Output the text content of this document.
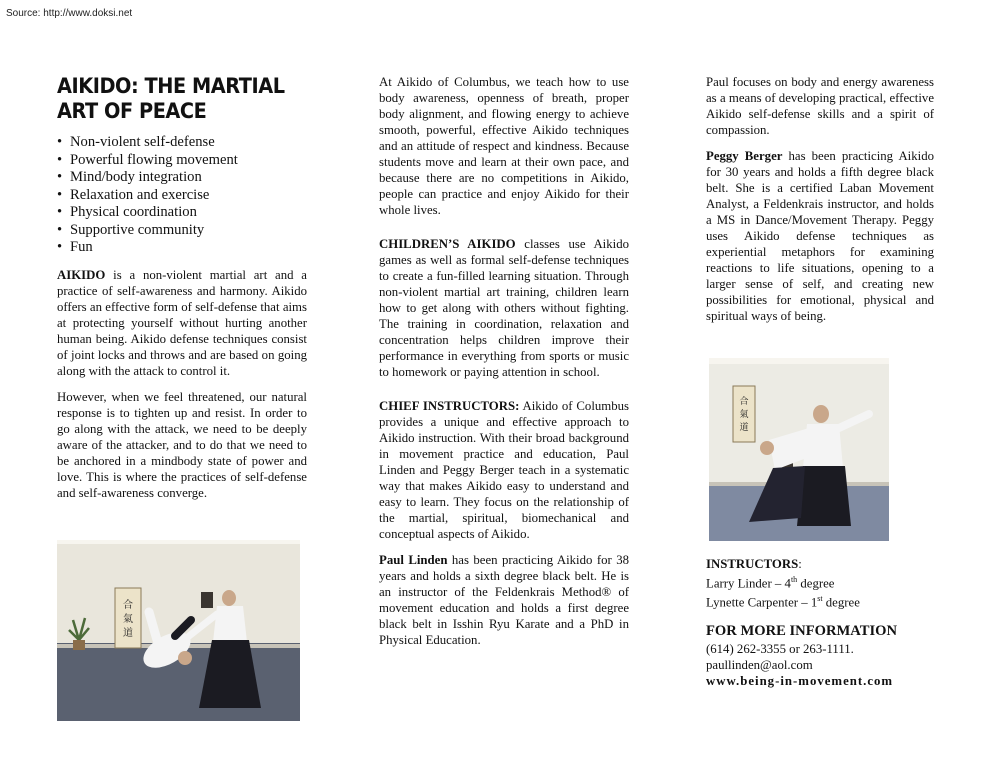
Source: http://www.doksi.net
AIKIDO: THE MARTIAL ART OF PEACE
• Non-violent self-defense
• Powerful flowing movement
• Mind/body integration
• Relaxation and exercise
• Physical coordination
• Supportive community
• Fun

AIKIDO is a non-violent martial art and a practice of self-awareness and harmony. Aikido offers an effective form of self-defense that aims at protecting yourself without hurting another human being. Aikido defense techniques consist of joint locks and throws and are based on going along with the attack to control it.

However, when we feel threatened, our natural response is to tighten up and resist. In order to go along with the attack, we need to be deeply aware of the attacker, and to do that we need to be anchored in a mindbody state of power and love. This is where the practices of self-defense and self-awareness converge.

合
氣
道

At Aikido of Columbus, we teach how to use body awareness, openness of breath, proper body alignment, and flowing energy to achieve smooth, powerful, effective Aikido techniques and an attitude of respect and kindness. Because students move and learn at their own pace, and because there are no competitions in Aikido, people can practice and enjoy Aikido for their whole lives.

CHILDREN’S AIKIDO classes use Aikido games as well as formal self-defense techniques to create a fun-filled learning situation. Through non-violent martial art training, children learn how to get along with others without fighting. The training in coordination, relaxation and concentration helps children improve their performance in everything from sports or music to homework or paying attention in school.

CHIEF INSTRUCTORS: Aikido of Columbus provides a unique and effective approach to Aikido instruction. With their broad background in movement practice and education, Paul Linden and Peggy Berger teach in a systematic way that makes Aikido easy to understand and easy to learn. They focus on the relationship of the martial, spiritual, biomechanical and conceptual aspects of Aikido.

Paul Linden has been practicing Aikido for 38 years and holds a sixth degree black belt. He is an instructor of the Feldenkrais Method® of movement education and holds a first degree black belt in Isshin Ryu Karate and a PhD in Physical Education.

Paul focuses on body and energy awareness as a means of developing practical, effective Aikido self-defense skills and a spirit of compassion.

Peggy Berger has been practicing Aikido for 30 years and holds a fifth degree black belt. She is a certified Laban Movement Analyst, a Feldenkrais instructor, and holds a MS in Dance/Movement Therapy. Peggy uses Aikido defense techniques as experiential metaphors for examining reactions to life situations, opening to a larger sense of self, and creating new possibilities for emotional, physical and spiritual ways of being.

合
氣
道
INSTRUCTORS:
Larry Linder – 4th degree
Lynette Carpenter – 1st degree
FOR MORE INFORMATION
(614) 262-3355 or 263-1111.
paullinden@aol.com
www.being-in-movement.com
